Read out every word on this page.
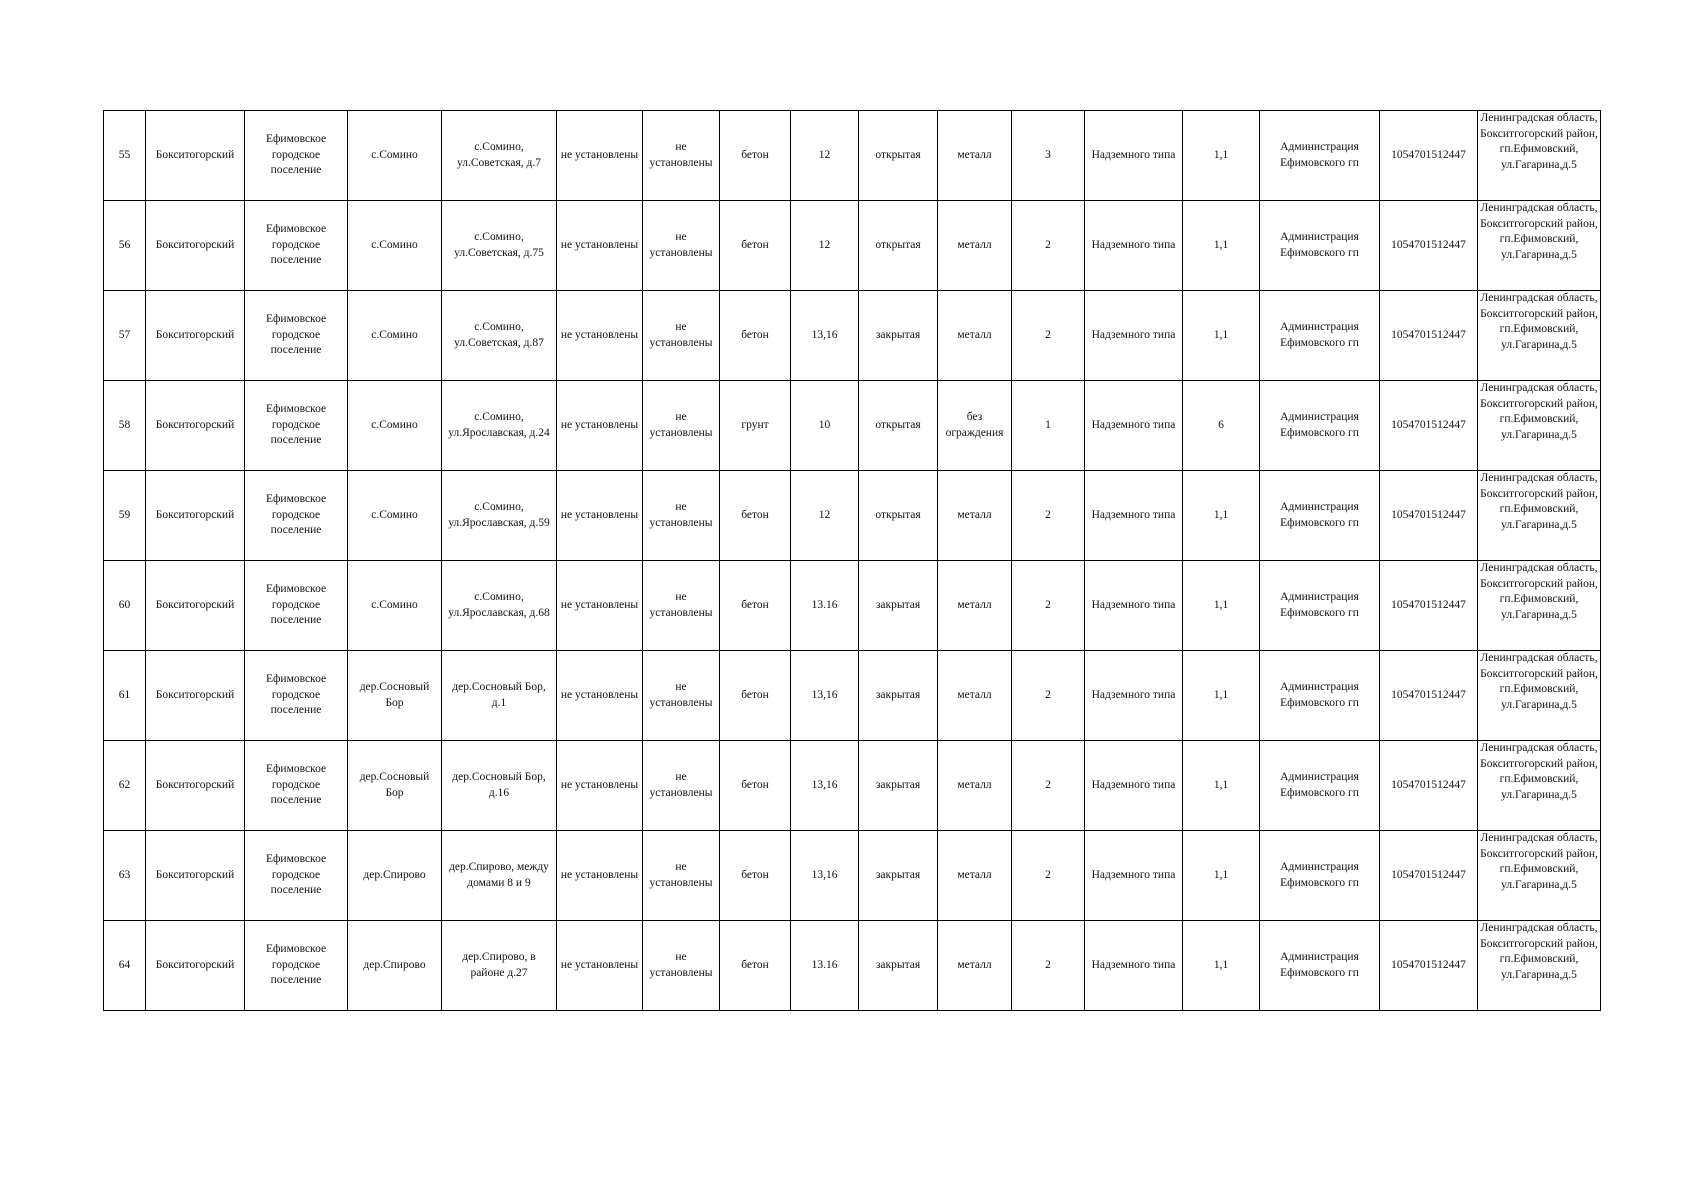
55	Бокситогорский	Ефимовское городское поселение	с.Сомино	с.Сомино, ул.Советская, д.7	не установлены	не установлены	бетон	12	открытая	металл	3	Надземного типа	1,1	Администрация Ефимовского гп	1054701512447	Ленинградская область, Бокситгогорский район, гп.Ефимовский, ул.Гагарина,д.5

56	Бокситогорский	Ефимовское городское поселение	с.Сомино	с.Сомино, ул.Советская, д.75	не установлены	не установлены	бетон	12	открытая	металл	2	Надземного типа	1,1	Администрация Ефимовского гп	1054701512447	Ленинградская область, Бокситгогорский район, гп.Ефимовский, ул.Гагарина,д.5

57	Бокситогорский	Ефимовское городское поселение	с.Сомино	с.Сомино, ул.Советская, д.87	не установлены	не установлены	бетон	13,16	закрытая	металл	2	Надземного типа	1,1	Администрация Ефимовского гп	1054701512447	Ленинградская область, Бокситгогорский район, гп.Ефимовский, ул.Гагарина,д.5

58	Бокситогорский	Ефимовское городское поселение	с.Сомино	с.Сомино, ул.Ярославская, д.24	не установлены	не установлены	грунт	10	открытая	без ограждения	1	Надземного типа	6	Администрация Ефимовского гп	1054701512447	Ленинградская область, Бокситгогорский район, гп.Ефимовский, ул.Гагарина,д.5

59	Бокситогорский	Ефимовское городское поселение	с.Сомино	с.Сомино, ул.Ярославская, д.59	не установлены	не установлены	бетон	12	открытая	металл	2	Надземного типа	1,1	Администрация Ефимовского гп	1054701512447	Ленинградская область, Бокситгогорский район, гп.Ефимовский, ул.Гагарина,д.5

60	Бокситогорский	Ефимовское городское поселение	с.Сомино	с.Сомино, ул.Ярославская, д.68	не установлены	не установлены	бетон	13.16	закрытая	металл	2	Надземного типа	1,1	Администрация Ефимовского гп	1054701512447	Ленинградская область, Бокситгогорский район, гп.Ефимовский, ул.Гагарина,д.5

61	Бокситогорский	Ефимовское городское поселение	дер.Сосновый Бор	дер.Сосновый Бор, д.1	не установлены	не установлены	бетон	13,16	закрытая	металл	2	Надземного типа	1,1	Администрация Ефимовского гп	1054701512447	Ленинградская область, Бокситгогорский район, гп.Ефимовский, ул.Гагарина,д.5

62	Бокситогорский	Ефимовское городское поселение	дер.Сосновый Бор	дер.Сосновый Бор, д.16	не установлены	не установлены	бетон	13,16	закрытая	металл	2	Надземного типа	1,1	Администрация Ефимовского гп	1054701512447	Ленинградская область, Бокситгогорский район, гп.Ефимовский, ул.Гагарина,д.5

63	Бокситогорский	Ефимовское городское поселение	дер.Спирово	дер.Спирово, между домами 8 и 9	не установлены	не установлены	бетон	13,16	закрытая	металл	2	Надземного типа	1,1	Администрация Ефимовского гп	1054701512447	Ленинградская область, Бокситгогорский район, гп.Ефимовский, ул.Гагарина,д.5

64	Бокситогорский	Ефимовское городское поселение	дер.Спирово	дер.Спирово, в районе д.27	не установлены	не установлены	бетон	13.16	закрытая	металл	2	Надземного типа	1,1	Администрация Ефимовского гп	1054701512447	Ленинградская область, Бокситгогорский район, гп.Ефимовский, ул.Гагарина,д.5
